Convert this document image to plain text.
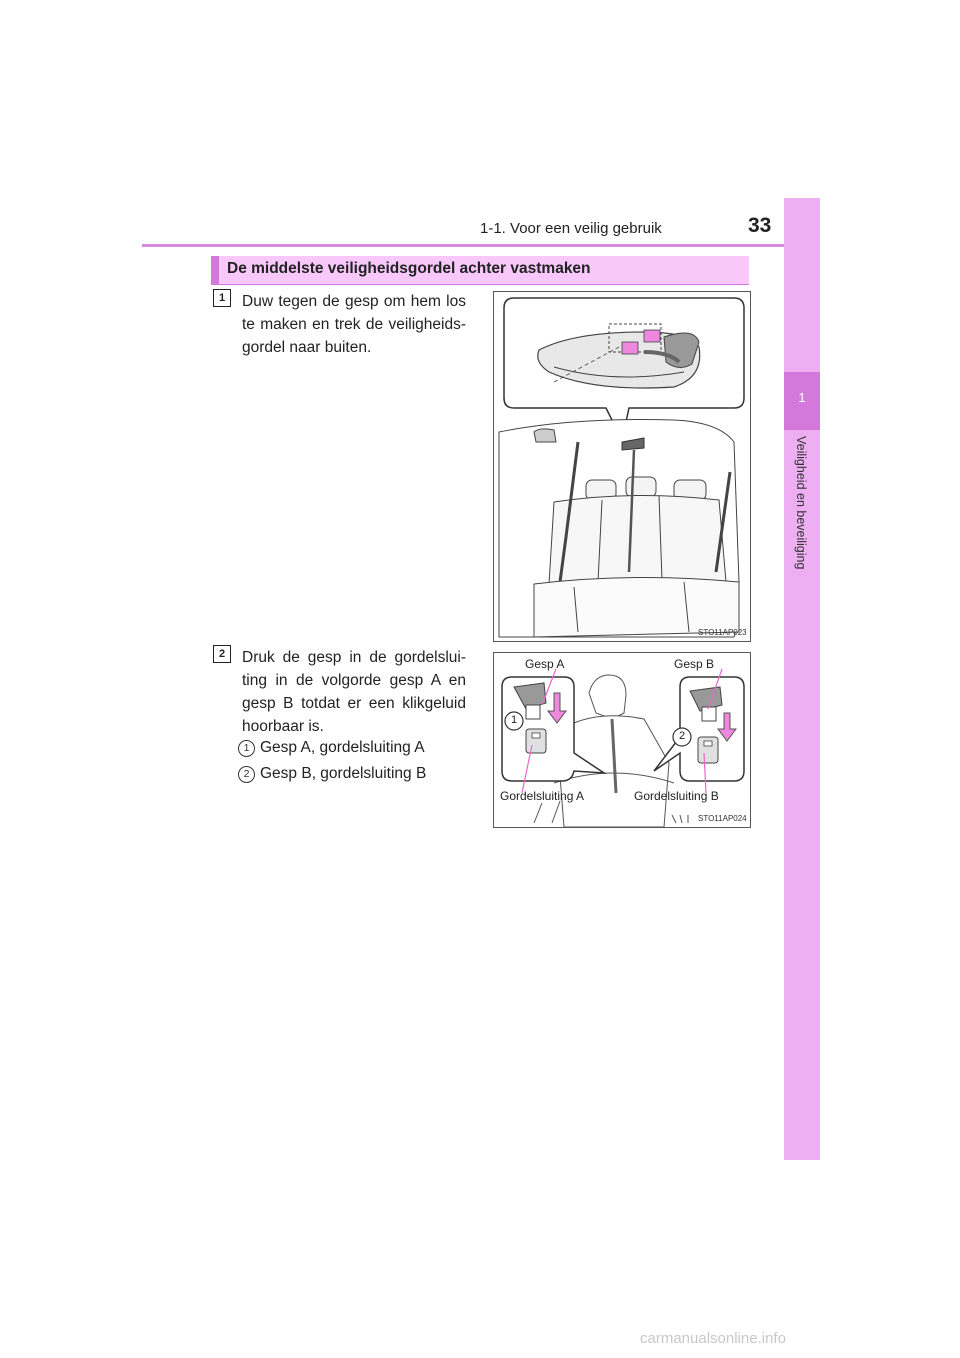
1-1. Voor een veilig gebruik	33
1
Veiligheid en beveiliging
De middelste veiligheidsgordel achter vastmaken
1	Duw tegen de gesp om hem los te maken en trek de veiligheids-gordel naar buiten.
2	Druk de gesp in de gordelslui-ting in de volgorde gesp A en gesp B totdat er een klikgeluid hoorbaar is.
1 Gesp A, gordelsluiting A
2 Gesp B, gordelsluiting B
STO11AP023
1
2
Gesp A	Gesp B
Gordelsluiting A	Gordelsluiting B
STO11AP024
carmanualsonline.info
